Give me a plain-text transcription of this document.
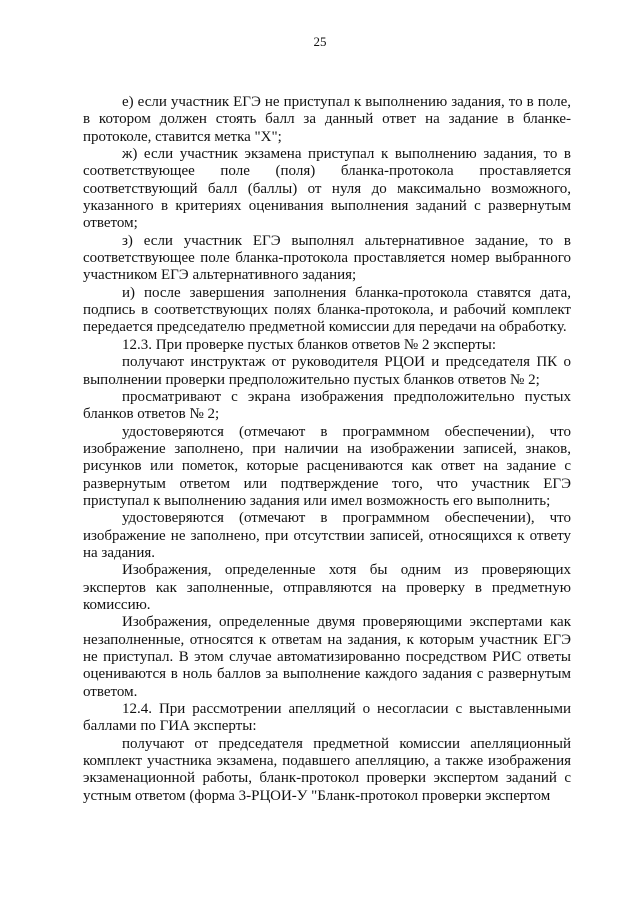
25

е) если участник ЕГЭ не приступал к выполнению задания, то в поле, в котором должен стоять балл за данный ответ на задание в бланке-протоколе, ставится метка "X";

ж) если участник экзамена приступал к выполнению задания, то в соответствующее поле (поля) бланка-протокола проставляется соответствующий балл (баллы) от нуля до максимально возможного, указанного в критериях оценивания выполнения заданий с развернутым ответом;

з) если участник ЕГЭ выполнял альтернативное задание, то в соответствующее поле бланка-протокола проставляется номер выбранного участником ЕГЭ альтернативного задания;

и) после завершения заполнения бланка-протокола ставятся дата, подпись в соответствующих полях бланка-протокола, и рабочий комплект передается председателю предметной комиссии для передачи на обработку.

12.3. При проверке пустых бланков ответов № 2 эксперты:

получают инструктаж от руководителя РЦОИ и председателя ПК о выполнении проверки предположительно пустых бланков ответов № 2;

просматривают с экрана изображения предположительно пустых бланков ответов № 2;

удостоверяются (отмечают в программном обеспечении), что изображение заполнено, при наличии на изображении записей, знаков, рисунков или пометок, которые расцениваются как ответ на задание с развернутым ответом или подтверждение того, что участник ЕГЭ приступал к выполнению задания или имел возможность его выполнить;

удостоверяются (отмечают в программном обеспечении), что изображение не заполнено, при отсутствии записей, относящихся к ответу на задания.

Изображения, определенные хотя бы одним из проверяющих экспертов как заполненные, отправляются на проверку в предметную комиссию.

Изображения, определенные двумя проверяющими экспертами как незаполненные, относятся к ответам на задания, к которым участник ЕГЭ не приступал. В этом случае автоматизированно посредством РИС ответы оцениваются в ноль баллов за выполнение каждого задания с развернутым ответом.

12.4. При рассмотрении апелляций о несогласии с выставленными баллами по ГИА эксперты:

получают от председателя предметной комиссии апелляционный комплект участника экзамена, подавшего апелляцию, а также изображения экзаменационной работы, бланк-протокол проверки экспертом заданий с устным ответом (форма 3-РЦОИ-У "Бланк-протокол проверки экспертом
